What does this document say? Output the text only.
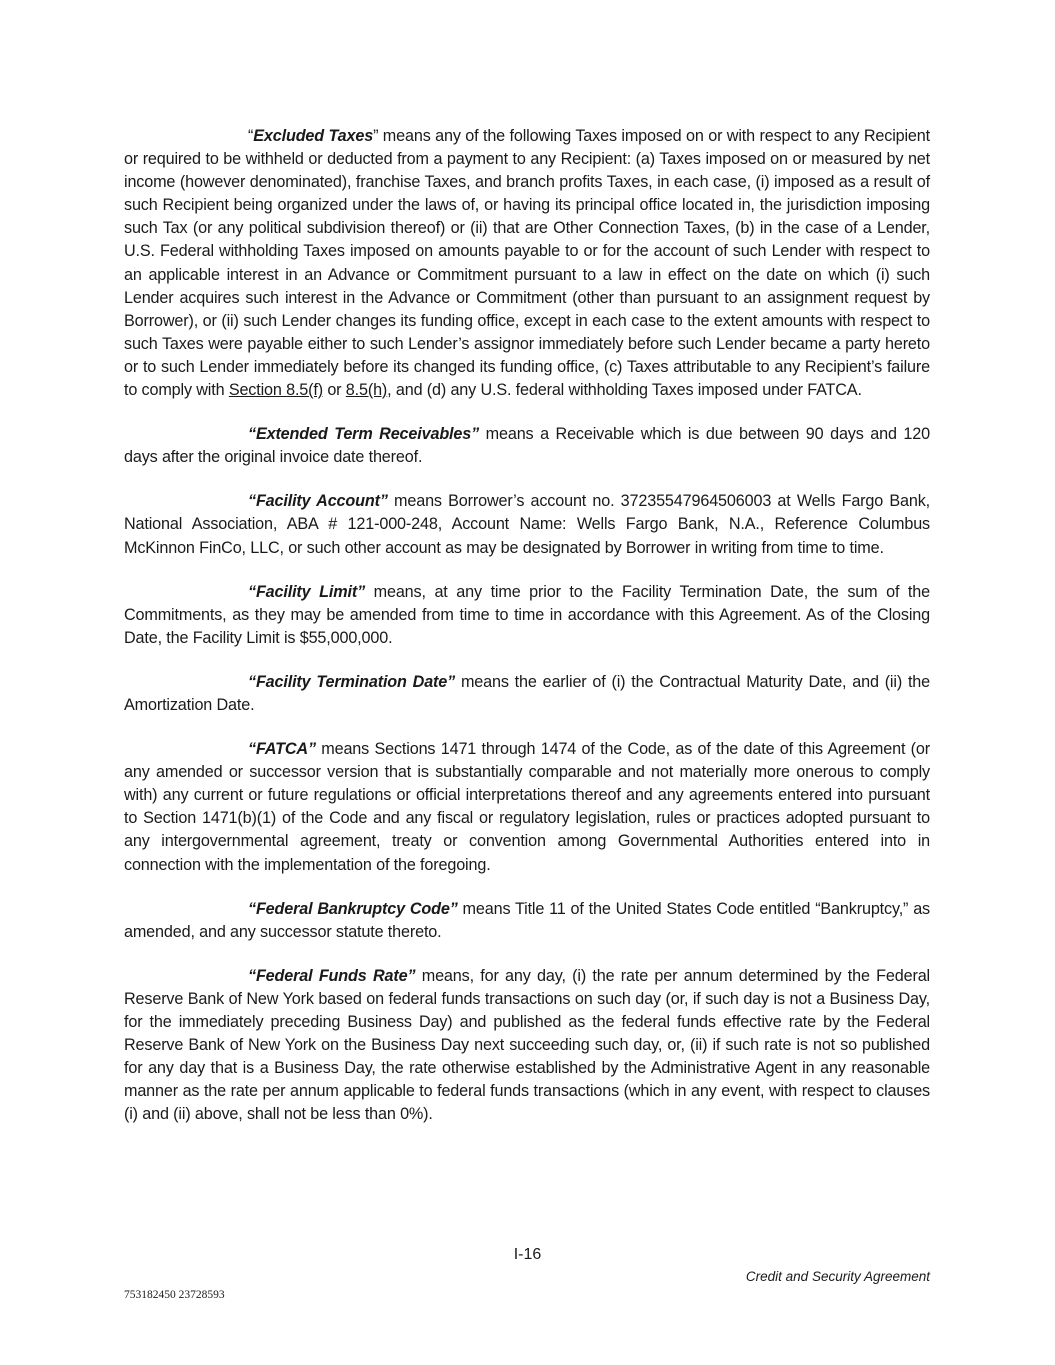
“Excluded Taxes” means any of the following Taxes imposed on or with respect to any Recipient or required to be withheld or deducted from a payment to any Recipient: (a) Taxes imposed on or measured by net income (however denominated), franchise Taxes, and branch profits Taxes, in each case, (i) imposed as a result of such Recipient being organized under the laws of, or having its principal office located in, the jurisdiction imposing such Tax (or any political subdivision thereof) or (ii) that are Other Connection Taxes, (b) in the case of a Lender, U.S. Federal withholding Taxes imposed on amounts payable to or for the account of such Lender with respect to an applicable interest in an Advance or Commitment pursuant to a law in effect on the date on which (i) such Lender acquires such interest in the Advance or Commitment (other than pursuant to an assignment request by Borrower), or (ii) such Lender changes its funding office, except in each case to the extent amounts with respect to such Taxes were payable either to such Lender’s assignor immediately before such Lender became a party hereto or to such Lender immediately before its changed its funding office, (c) Taxes attributable to any Recipient’s failure to comply with Section 8.5(f) or 8.5(h), and (d) any U.S. federal withholding Taxes imposed under FATCA.

“Extended Term Receivables” means a Receivable which is due between 90 days and 120 days after the original invoice date thereof.

“Facility Account” means Borrower’s account no. 37235547964506003 at Wells Fargo Bank, National Association, ABA # 121-000-248, Account Name: Wells Fargo Bank, N.A., Reference Columbus McKinnon FinCo, LLC, or such other account as may be designated by Borrower in writing from time to time.

“Facility Limit” means, at any time prior to the Facility Termination Date, the sum of the Commitments, as they may be amended from time to time in accordance with this Agreement. As of the Closing Date, the Facility Limit is $55,000,000.

“Facility Termination Date” means the earlier of (i) the Contractual Maturity Date, and (ii) the Amortization Date.

“FATCA” means Sections 1471 through 1474 of the Code, as of the date of this Agreement (or any amended or successor version that is substantially comparable and not materially more onerous to comply with) any current or future regulations or official interpretations thereof and any agreements entered into pursuant to Section 1471(b)(1) of the Code and any fiscal or regulatory legislation, rules or practices adopted pursuant to any intergovernmental agreement, treaty or convention among Governmental Authorities entered into in connection with the implementation of the foregoing.

“Federal Bankruptcy Code” means Title 11 of the United States Code entitled “Bankruptcy,” as amended, and any successor statute thereto.

“Federal Funds Rate” means, for any day, (i) the rate per annum determined by the Federal Reserve Bank of New York based on federal funds transactions on such day (or, if such day is not a Business Day, for the immediately preceding Business Day) and published as the federal funds effective rate by the Federal Reserve Bank of New York on the Business Day next succeeding such day, or, (ii) if such rate is not so published for any day that is a Business Day, the rate otherwise established by the Administrative Agent in any reasonable manner as the rate per annum applicable to federal funds transactions (which in any event, with respect to clauses (i) and (ii) above, shall not be less than 0%).

I-16
Credit and Security Agreement
753182450 23728593
